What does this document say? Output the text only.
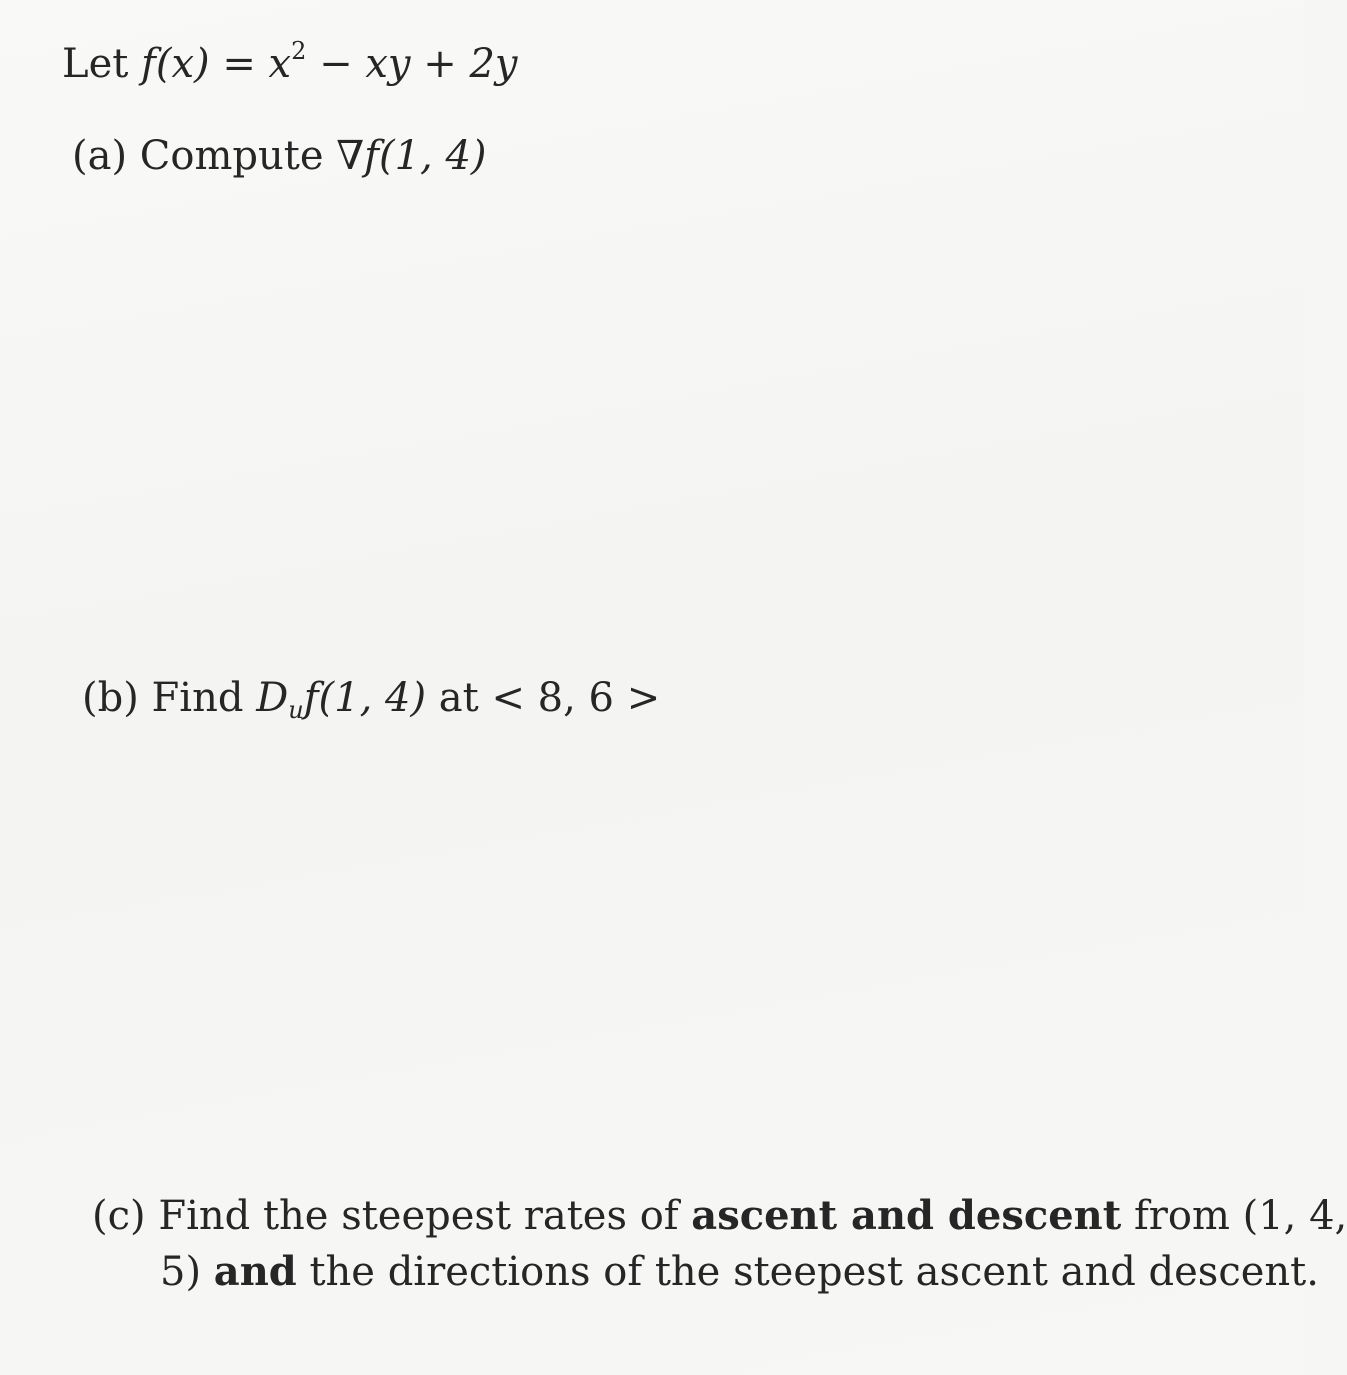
Let $f(x) = x^2$ − xy + 2y
(a) Compute ∇f(1, 4)
(b) Find $D_uf(1$, 4) at < 8, 6 >
(c) Find the steepest rates of ascent and descent from (1, 4,
5) and the directions of the steepest ascent and descent.
